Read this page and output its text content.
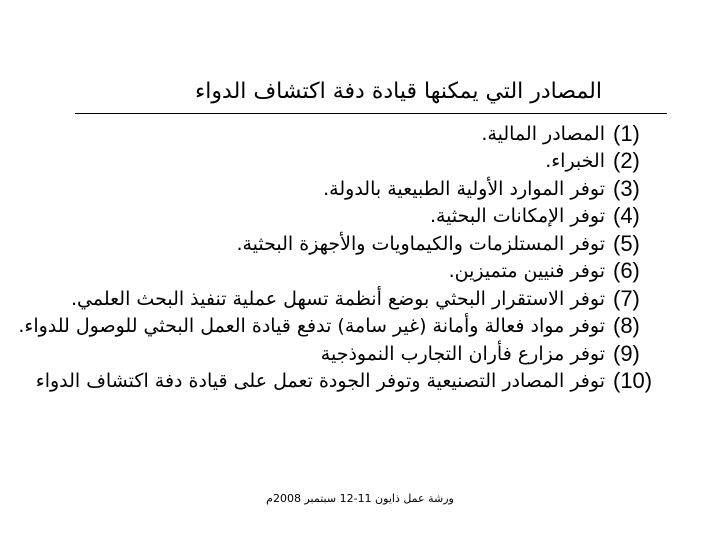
المصادر التي يمكنها قيادة دفة اكتشاف الدواء
(1)
المصادر المالية.
(2)
الخبراء.
(3)
توفر الموارد الأولية الطبيعية بالدولة.
(4)
توفر الإمكانات البحثية.
(5)
توفر المستلزمات والكيماويات والأجهزة البحثية.
(6)
توفر فنيين متميزين.
(7)
توفر الاستقرار البحثي بوضع أنظمة تسهل عملية تنفيذ البحث العلمي.
(8)
توفر مواد فعالة وأمانة (غير سامة) تدفع قيادة العمل البحثي للوصول للدواء.
(9)
توفر مزارع فأران التجارب النموذجية
(10)
توفر المصادر التصنيعية وتوفر الجودة تعمل على قيادة دفة اكتشاف الدواء
ورشة عمل ذايون 11-12 سبتمبر 2008م
